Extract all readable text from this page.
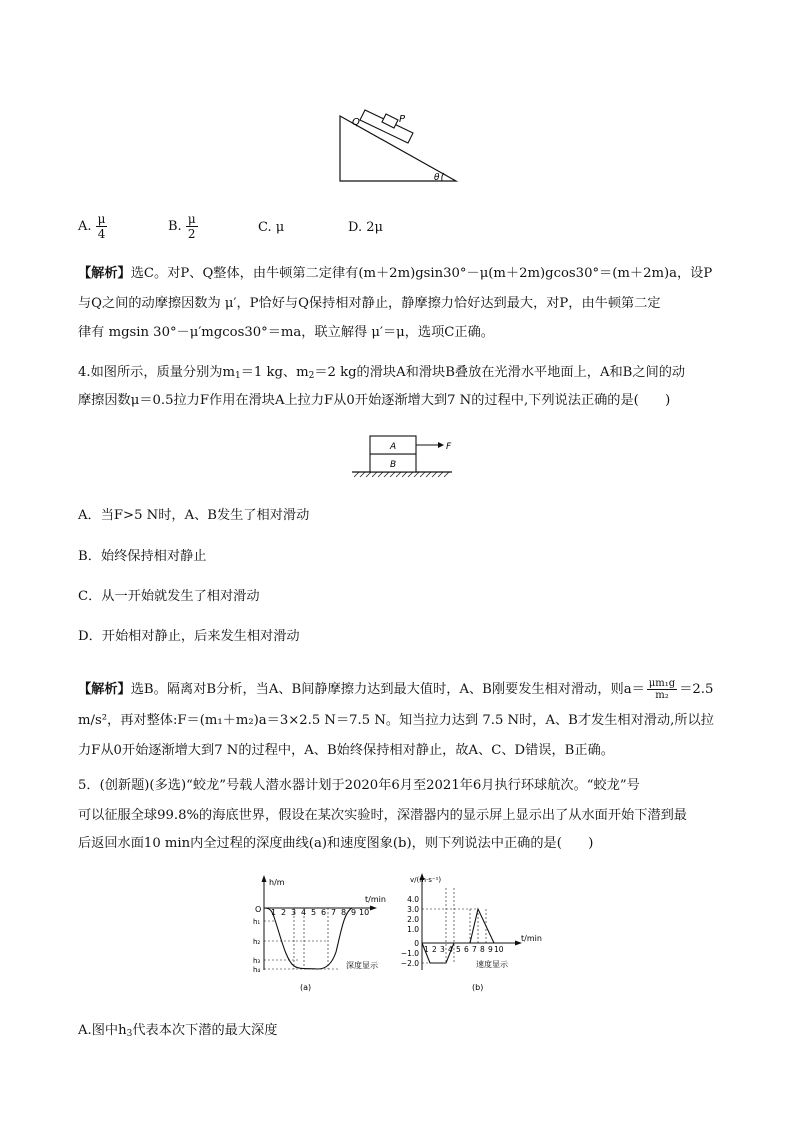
Q	P
θ
A. $\frac{\mu}{4}$	B. $\frac{\mu}{2}$	C. μ	D. 2μ
【解析】选C。对P、Q整体，由牛顿第二定律有(m＋2m)gsin30°－μ(m＋2m)gcos30°＝(m＋2m)a，设P
与Q之间的动摩擦因数为 μ′，P恰好与Q保持相对静止，静摩擦力恰好达到最大，对P，由牛顿第二定
律有 mgsin 30°－μ′mgcos30°＝ma，联立解得 μ′＝μ，选项C正确。
4.如图所示，质量分别为$m_1=1$ kg、$m_2=2$ kg的滑块A和滑块B叠放在光滑水平地面上，A和B之间的动
摩擦因数μ＝0.5拉力F作用在滑块A上拉力F从0开始逐渐增大到7 N的过程中,下列说法正确的是(　　)
A
B
F
A．当F>5 N时，A、B发生了相对滑动
B．始终保持相对静止
C．从一开始就发生了相对滑动
D．开始相对静止，后来发生相对滑动
【解析】选B。隔离对B分析，当A、B间静摩擦力达到最大值时，A、B刚要发生相对滑动，则$a= \frac{\text{μm₁g}}{\text{m₂}} =2.5$
m/s²，再对整体:F＝(m₁＋m₂)a＝3×2.5 N＝7.5 N。知当拉力达到 7.5 N时，A、B才发生相对滑动,所以拉
力F从0开始逐渐增大到7 N的过程中，A、B始终保持相对静止，故A、C、D错误，B正确。
5．(创新题)(多选)“蛟龙”号载人潜水器计划于2020年6月至2021年6月执行环球航次。“蛟龙”号
可以征服全球99.8%的海底世界，假设在某次实验时，深潜器内的显示屏上显示出了从水面开始下潜到最
后返回水面10 min内全过程的深度曲线(a)和速度图象(b)，则下列说法中正确的是(　　)
h/m
t/min
O 1 2 3 4 5 6 7 8 9 10
h₁
h₂
h₃
h₄	深度显示
(a)
v/(m·s⁻¹)
t/min
4.0
3.0
2.0
1.0
0
−1.0
−2.0
1 2 3 4 5 6 7 8 9 10
速度显示
(b)
A.图中$h_3$代表本次下潜的最大深度
